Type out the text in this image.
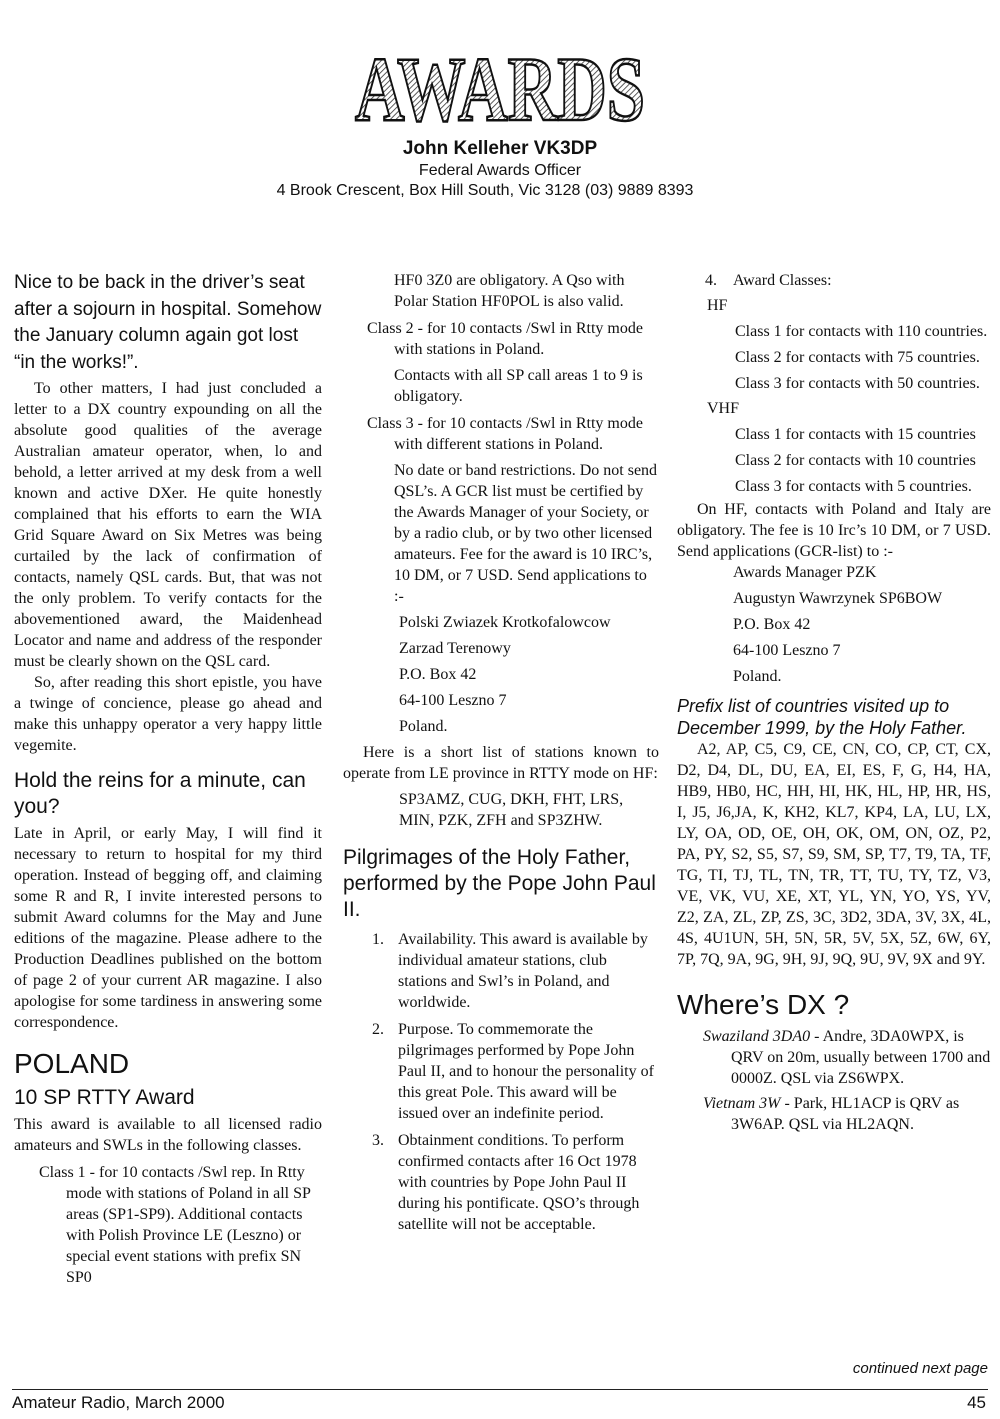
AWARDS
John Kelleher VK3DP
Federal Awards Officer
4 Brook Crescent, Box Hill South, Vic 3128 (03) 9889 8393

Nice to be back in the driver’s seat after a sojourn in hospital. Somehow the January column again got lost “in the works!”.

To other matters, I had just concluded a letter to a DX country expounding on all the absolute good qualities of the average Australian amateur operator, when, lo and behold, a letter arrived at my desk from a well known and active DXer. He quite honestly complained that his efforts to earn the WIA Grid Square Award on Six Metres was being curtailed by the lack of confirmation of contacts, namely QSL cards. But, that was not the only problem. To verify contacts for the abovementioned award, the Maidenhead Locator and name and address of the responder must be clearly shown on the QSL card.

So, after reading this short epistle, you have a twinge of concience, please go ahead and make this unhappy operator a very happy little vegemite.

Hold the reins for a minute, can you?

Late in April, or early May, I will find it necessary to return to hospital for my third operation. Instead of begging off, and claiming some R and R, I invite interested persons to submit Award columns for the May and June editions of the magazine. Please adhere to the Production Deadlines published on the bottom of page 2 of your current AR magazine. I also apologise for some tardiness in answering some correspondence.

POLAND
10 SP RTTY Award

This award is available to all licensed radio amateurs and SWLs in the following classes.

Class 1 - for 10 contacts /Swl rep. In Rtty mode with stations of Poland in all SP areas (SP1-SP9). Additional contacts with Polish Province LE (Leszno) or special event stations with prefix SN SP0

HF0 3Z0 are obligatory. A Qso with Polar Station HF0POL is also valid.

Class 2 - for 10 contacts /Swl in Rtty mode with stations in Poland.

Contacts with all SP call areas 1 to 9 is obligatory.

Class 3 - for 10 contacts /Swl in Rtty mode with different stations in Poland.

No date or band restrictions. Do not send QSL’s. A GCR list must be certified by the Awards Manager of your Society, or by a radio club, or by two other licensed amateurs. Fee for the award is 10 IRC’s, 10 DM, or 7 USD. Send applications to :-

Polski Zwiazek Krotkofalowcow

Zarzad Terenowy

P.O. Box 42

64-100 Leszno 7

Poland.

Here is a short list of stations known to operate from LE province in RTTY mode on HF:

SP3AMZ, CUG, DKH, FHT, LRS, MIN, PZK, ZFH and SP3ZHW.

Pilgrimages of the Holy Father, performed by the Pope John Paul II.
1. Availability. This award is available by individual amateur stations, club stations and Swl’s in Poland, and worldwide.
2. Purpose. To commemorate the pilgrimages performed by Pope John Paul II, and to honour the personality of this great Pole. This award will be issued over an indefinite period.
3. Obtainment conditions. To perform confirmed contacts after 16 Oct 1978 with countries by Pope John Paul II during his pontificate. QSO’s through satellite will not be acceptable.

4. Award Classes:

HF

Class 1 for contacts with 110 countries.

Class 2 for contacts with 75 countries.

Class 3 for contacts with 50 countries.

VHF

Class 1 for contacts with 15 countries

Class 2 for contacts with 10 countries

Class 3 for contacts with 5 countries.

On HF, contacts with Poland and Italy are obligatory. The fee is 10 Irc’s 10 DM, or 7 USD. Send applications (GCR-list) to :-

Awards Manager PZK

Augustyn Wawrzynek SP6BOW

P.O. Box 42

64-100 Leszno 7

Poland.

Prefix list of countries visited up to December 1999, by the Holy Father.

A2, AP, C5, C9, CE, CN, CO, CP, CT, CX, D2, D4, DL, DU, EA, EI, ES, F, G, H4, HA, HB9, HB0, HC, HH, HI, HK, HL, HP, HR, HS, I, J5, J6,JA, K, KH2, KL7, KP4, LA, LU, LX, LY, OA, OD, OE, OH, OK, OM, ON, OZ, P2, PA, PY, S2, S5, S7, S9, SM, SP, T7, T9, TA, TF, TG, TI, TJ, TL, TN, TR, TT, TU, TY, TZ, V3, VE, VK, VU, XE, XT, YL, YN, YO, YS, YV, Z2, ZA, ZL, ZP, ZS, 3C, 3D2, 3DA, 3V, 3X, 4L, 4S, 4U1UN, 5H, 5N, 5R, 5V, 5X, 5Z, 6W, 6Y, 7P, 7Q, 9A, 9G, 9H, 9J, 9Q, 9U, 9V, 9X and 9Y.

Where’s DX ?

Swaziland 3DA0 - Andre, 3DA0WPX, is QRV on 20m, usually between 1700 and 0000Z. QSL via ZS6WPX.

Vietnam 3W - Park, HL1ACP is QRV as 3W6AP. QSL via HL2AQN.

continued next page
Amateur Radio, March 2000	45
